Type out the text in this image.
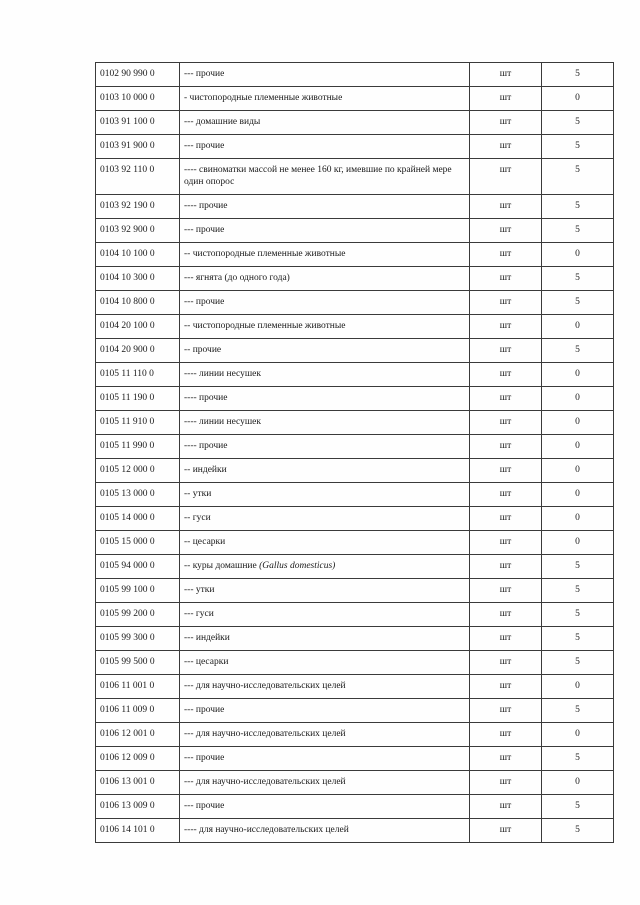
0102 90 990 0	--- прочие	шт	5
0103 10 000 0	- чистопородные племенные животные	шт	0
0103 91 100 0	--- домашние виды	шт	5
0103 91 900 0	--- прочие	шт	5
0103 92 110 0	---- свиноматки массой не менее 160 кг, имевшие по крайней мере один опорос	шт	5
0103 92 190 0	---- прочие	шт	5
0103 92 900 0	--- прочие	шт	5
0104 10 100 0	-- чистопородные племенные животные	шт	0
0104 10 300 0	--- ягнята (до одного года)	шт	5
0104 10 800 0	--- прочие	шт	5
0104 20 100 0	-- чистопородные племенные животные	шт	0
0104 20 900 0	-- прочие	шт	5
0105 11 110 0	---- линии несушек	шт	0
0105 11 190 0	---- прочие	шт	0
0105 11 910 0	---- линии несушек	шт	0
0105 11 990 0	---- прочие	шт	0
0105 12 000 0	-- индейки	шт	0
0105 13 000 0	-- утки	шт	0
0105 14 000 0	-- гуси	шт	0
0105 15 000 0	-- цесарки	шт	0
0105 94 000 0	-- куры домашние (Gallus domesticus)	шт	5
0105 99 100 0	--- утки	шт	5
0105 99 200 0	--- гуси	шт	5
0105 99 300 0	--- индейки	шт	5
0105 99 500 0	--- цесарки	шт	5
0106 11 001 0	--- для научно-исследовательских целей	шт	0
0106 11 009 0	--- прочие	шт	5
0106 12 001 0	--- для научно-исследовательских целей	шт	0
0106 12 009 0	--- прочие	шт	5
0106 13 001 0	--- для научно-исследовательских целей	шт	0
0106 13 009 0	--- прочие	шт	5
0106 14 101 0	---- для научно-исследовательских целей	шт	5
